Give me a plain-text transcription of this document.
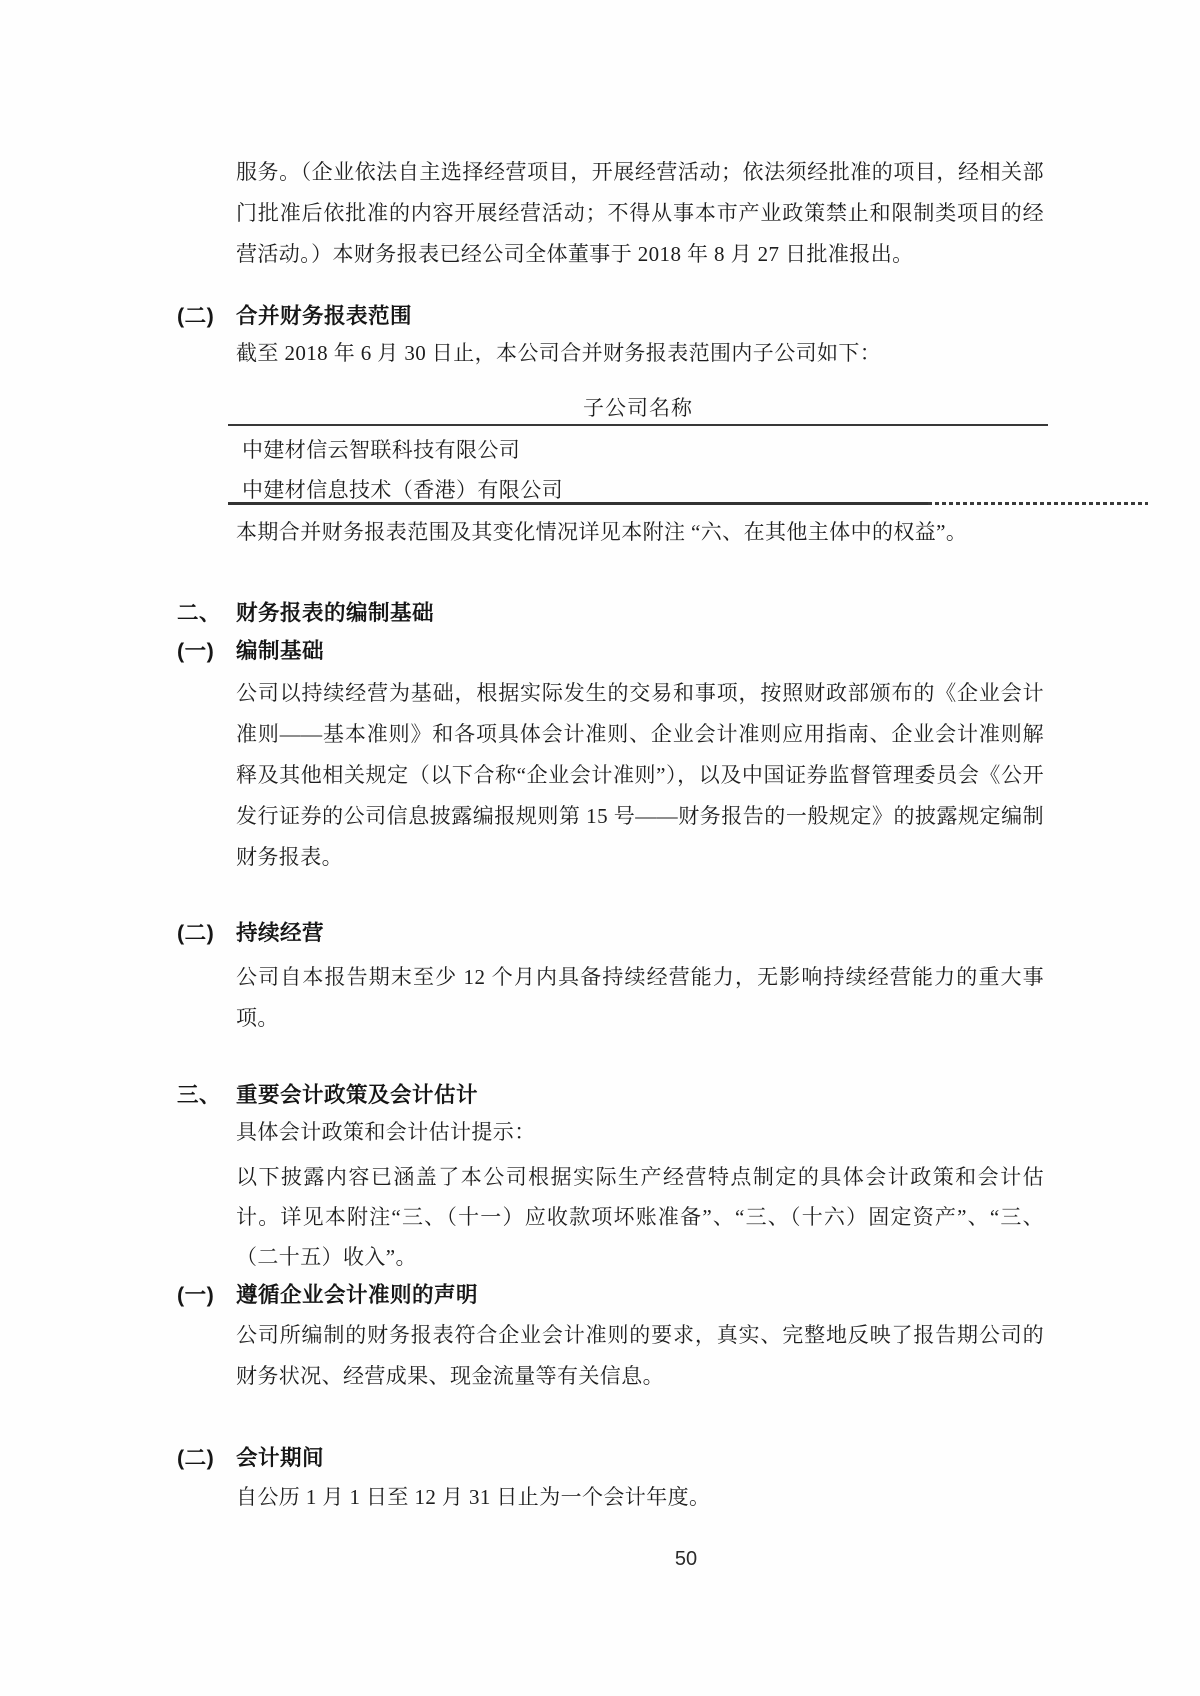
服务。（企业依法自主选择经营项目，开展经营活动；依法须经批准的项目，经相关部门批准后依批准的内容开展经营活动；不得从事本市产业政策禁止和限制类项目的经营活动。）本财务报表已经公司全体董事于 2018 年 8 月 27 日批准报出。

(二)	合并财务报表范围

截至 2018 年 6 月 30 日止，本公司合并财务报表范围内子公司如下：

子公司名称

中建材信云智联科技有限公司

中建材信息技术（香港）有限公司

本期合并财务报表范围及其变化情况详见本附注 “六、在其他主体中的权益”。

二、 财务报表的编制基础
(一)	编制基础

公司以持续经营为基础，根据实际发生的交易和事项，按照财政部颁布的《企业会计准则——基本准则》和各项具体会计准则、企业会计准则应用指南、企业会计准则解释及其他相关规定（以下合称“企业会计准则”），以及中国证券监督管理委员会《公开发行证券的公司信息披露编报规则第 15 号——财务报告的一般规定》的披露规定编制财务报表。

(二)	持续经营

公司自本报告期末至少 12 个月内具备持续经营能力，无影响持续经营能力的重大事项。

三、 重要会计政策及会计估计

具体会计政策和会计估计提示：

以下披露内容已涵盖了本公司根据实际生产经营特点制定的具体会计政策和会计估计。详见本附注“三、（十一）应收款项坏账准备”、“三、（十六）固定资产”、“三、（二十五）收入”。

(一)	遵循企业会计准则的声明

公司所编制的财务报表符合企业会计准则的要求，真实、完整地反映了报告期公司的财务状况、经营成果、现金流量等有关信息。

(二)	会计期间

自公历 1 月 1 日至 12 月 31 日止为一个会计年度。

50
